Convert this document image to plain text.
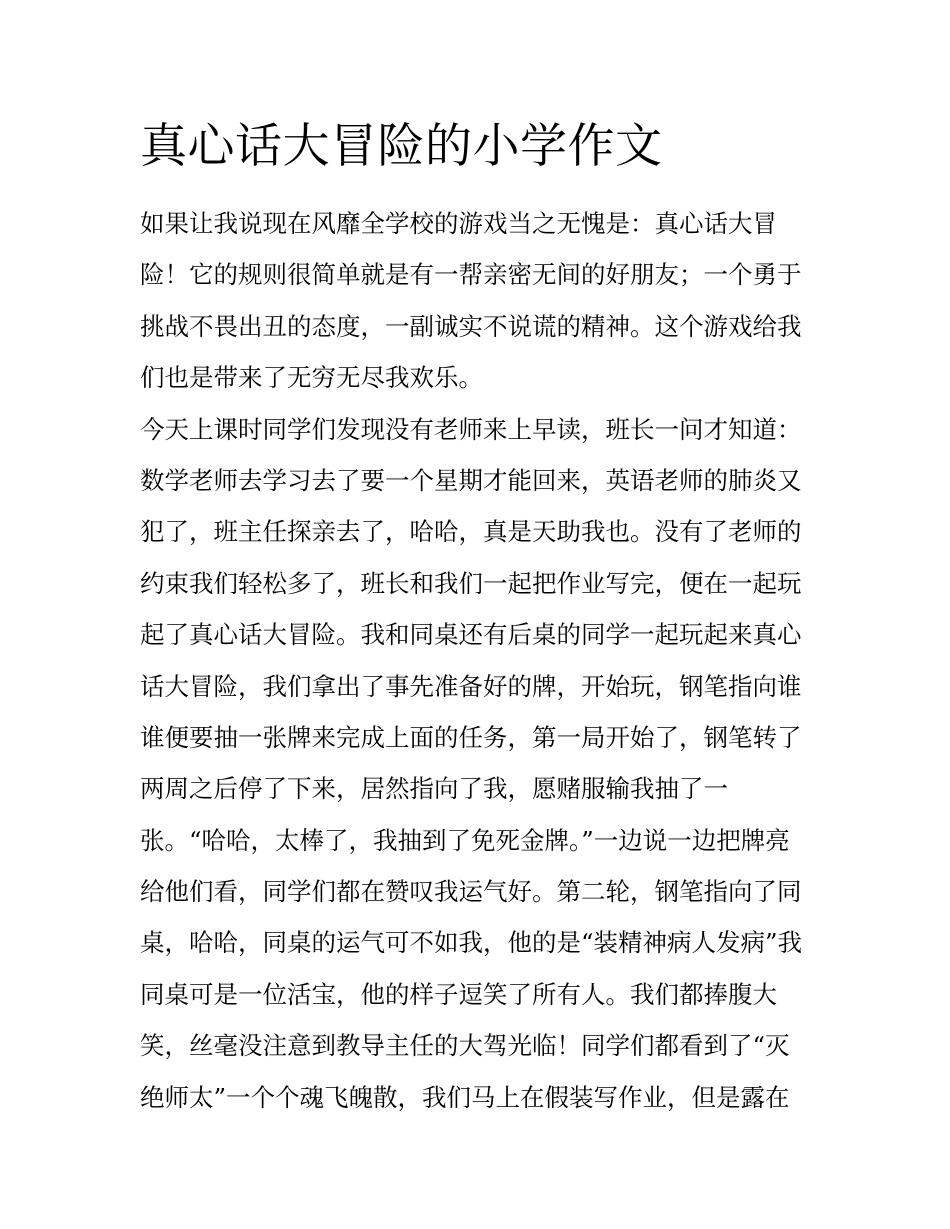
真心话大冒险的小学作文
如果让我说现在风靡全学校的游戏当之无愧是：真心话大冒
险！它的规则很简单就是有一帮亲密无间的好朋友；一个勇于
挑战不畏出丑的态度，一副诚实不说谎的精神。这个游戏给我
们也是带来了无穷无尽我欢乐。
今天上课时同学们发现没有老师来上早读，班长一问才知道：
数学老师去学习去了要一个星期才能回来，英语老师的肺炎又
犯了，班主任探亲去了，哈哈，真是天助我也。没有了老师的
约束我们轻松多了，班长和我们一起把作业写完，便在一起玩
起了真心话大冒险。我和同桌还有后桌的同学一起玩起来真心
话大冒险，我们拿出了事先准备好的牌，开始玩，钢笔指向谁
谁便要抽一张牌来完成上面的任务，第一局开始了，钢笔转了
两周之后停了下来，居然指向了我，愿赌服输我抽了一
张。“哈哈，太棒了，我抽到了免死金牌。”一边说一边把牌亮
给他们看，同学们都在赞叹我运气好。第二轮，钢笔指向了同
桌，哈哈，同桌的运气可不如我，他的是“装精神病人发病”我
同桌可是一位活宝，他的样子逗笑了所有人。我们都捧腹大
笑，丝毫没注意到教导主任的大驾光临！同学们都看到了“灭
绝师太”一个个魂飞魄散，我们马上在假装写作业，但是露在
